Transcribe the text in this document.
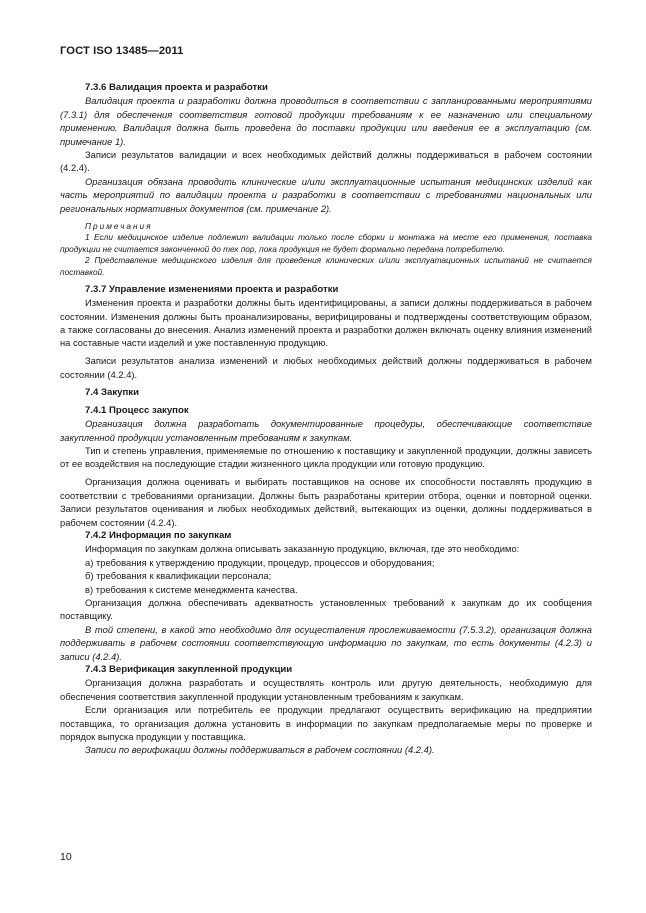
ГОСТ ISO 13485—2011
7.3.6 Валидация проекта и разработки

Валидация проекта и разработки должна проводиться в соответствии с запланированными мероприятиями (7.3.1) для обеспечения соответствия готовой продукции требованиям к ее назначению или специальному применению. Валидация должна быть проведена до поставки продукции или введения ее в эксплуатацию (см. примечание 1).

Записи результатов валидации и всех необходимых действий должны поддерживаться в рабочем состоянии (4.2.4).

Организация обязана проводить клинические и/или эксплуатационные испытания медицинских изделий как часть мероприятий по валидации проекта и разработки в соответствии с требованиями национальных или региональных нормативных документов (см. примечание 2).

Примечания

1 Если медицинское изделие подлежит валидации только после сборки и монтажа на месте его применения, поставка продукции не считается законченной до тех пор, пока продукция не будет формально передана потребителю.

2 Представление медицинского изделия для проведения клинических и/или эксплуатационных испытаний не считается поставкой.

7.3.7 Управление изменениями проекта и разработки

Изменения проекта и разработки должны быть идентифицированы, а записи должны поддерживаться в рабочем состоянии. Изменения должны быть проанализированы, верифицированы и подтверждены соответствующим образом, а также согласованы до внесения. Анализ изменений проекта и разработки должен включать оценку влияния изменений на составные части изделий и уже поставленную продукцию.

Записи результатов анализа изменений и любых необходимых действий должны поддерживаться в рабочем состоянии (4.2.4).

7.4 Закупки
7.4.1 Процесс закупок

Организация должна разработать документированные процедуры, обеспечивающие соответствие закупленной продукции установленным требованиям к закупкам.

Тип и степень управления, применяемые по отношению к поставщику и закупленной продукции, должны зависеть от ее воздействия на последующие стадии жизненного цикла продукции или готовую продукцию.

Организация должна оценивать и выбирать поставщиков на основе их способности поставлять продукцию в соответствии с требованиями организации. Должны быть разработаны критерии отбора, оценки и повторной оценки. Записи результатов оценивания и любых необходимых действий, вытекающих из оценки, должны поддерживаться в рабочем состоянии (4.2.4).

7.4.2 Информация по закупкам

Информация по закупкам должна описывать заказанную продукцию, включая, где это необходимо:

а) требования к утверждению продукции, процедур, процессов и оборудования;

б) требования к квалификации персонала;

в) требования к системе менеджмента качества.

Организация должна обеспечивать адекватность установленных требований к закупкам до их сообщения поставщику.

В той степени, в какой это необходимо для осуществления прослеживаемости (7.5.3.2), организация должна поддерживать в рабочем состоянии соответствующую информацию по закупкам, то есть документы (4.2.3) и записи (4.2.4).

7.4.3 Верификация закупленной продукции

Организация должна разработать и осуществлять контроль или другую деятельность, необходимую для обеспечения соответствия закупленной продукции установленным требованиям к закупкам.

Если организация или потребитель ее продукции предлагают осуществить верификацию на предприятии поставщика, то организация должна установить в информации по закупкам предполагаемые меры по проверке и порядок выпуска продукции у поставщика.

Записи по верификации должны поддерживаться в рабочем состоянии (4.2.4).

10
